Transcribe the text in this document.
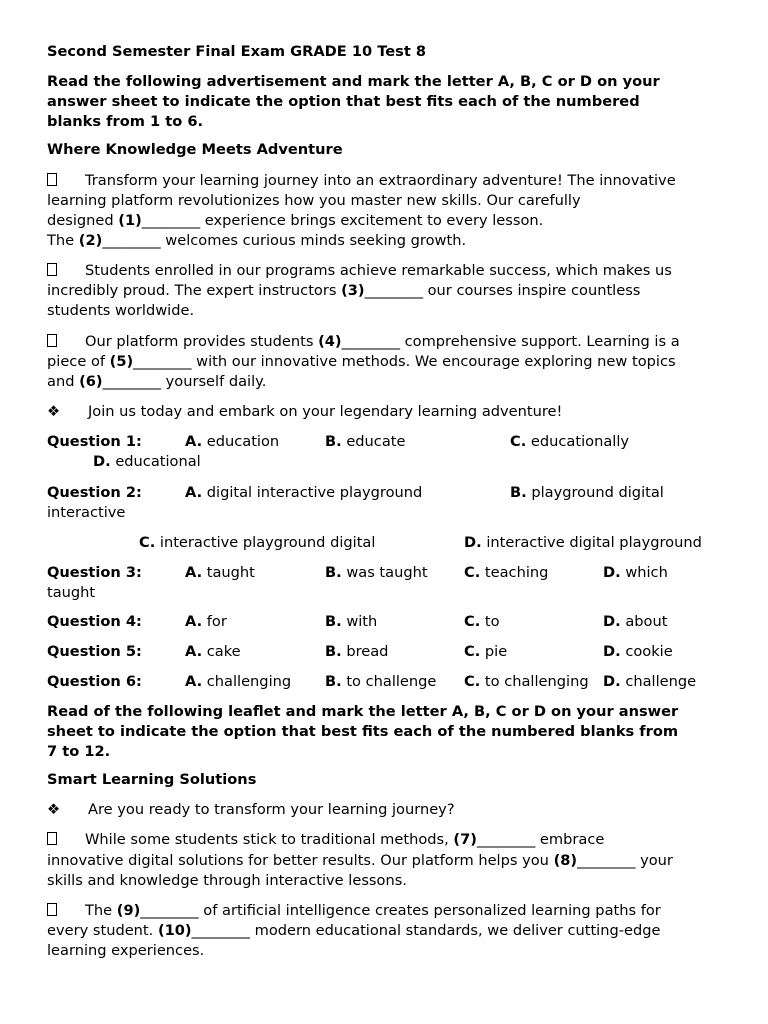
Second Semester Final Exam GRADE 10 Test 8
Read the following advertisement and mark the letter A, B, C or D on your
answer sheet to indicate the option that best fits each of the numbered
blanks from 1 to 6.
Where Knowledge Meets Adventure
Transform your learning journey into an extraordinary adventure! The innovative
learning platform revolutionizes how you master new skills. Our carefully
designed (1)________ experience brings excitement to every lesson.
The (2)________ welcomes curious minds seeking growth.
Students enrolled in our programs achieve remarkable success, which makes us
incredibly proud. The expert instructors (3)________ our courses inspire countless
students worldwide.
Our platform provides students (4)________ comprehensive support. Learning is a
piece of (5)________ with our innovative methods. We encourage exploring new topics
and (6)________ yourself daily.
❖ Join us today and embark on your legendary learning adventure!
Question 1:	A. education	B. educate	C. educationally
D. educational
Question 2:	A. digital interactive playground	B. playground digital
interactive
C. interactive playground digital	D. interactive digital playground
Question 3:	A. taught	B. was taught C. teaching	D. which
taught
Question 4:	A. for	B. with	C. to	D. about
Question 5:	A. cake	B. bread	C. pie	D. cookie
Question 6:	A. challenging B. to challenge C. to challenging D. challenge
Read of the following leaflet and mark the letter A, B, C or D on your answer
sheet to indicate the option that best fits each of the numbered blanks from
7 to 12.
Smart Learning Solutions
❖ Are you ready to transform your learning journey?
While some students stick to traditional methods, (7)________ embrace
innovative digital solutions for better results. Our platform helps you (8)________ your
skills and knowledge through interactive lessons.
The (9)________ of artificial intelligence creates personalized learning paths for
every student. (10)________ modern educational standards, we deliver cutting-edge
learning experiences.
